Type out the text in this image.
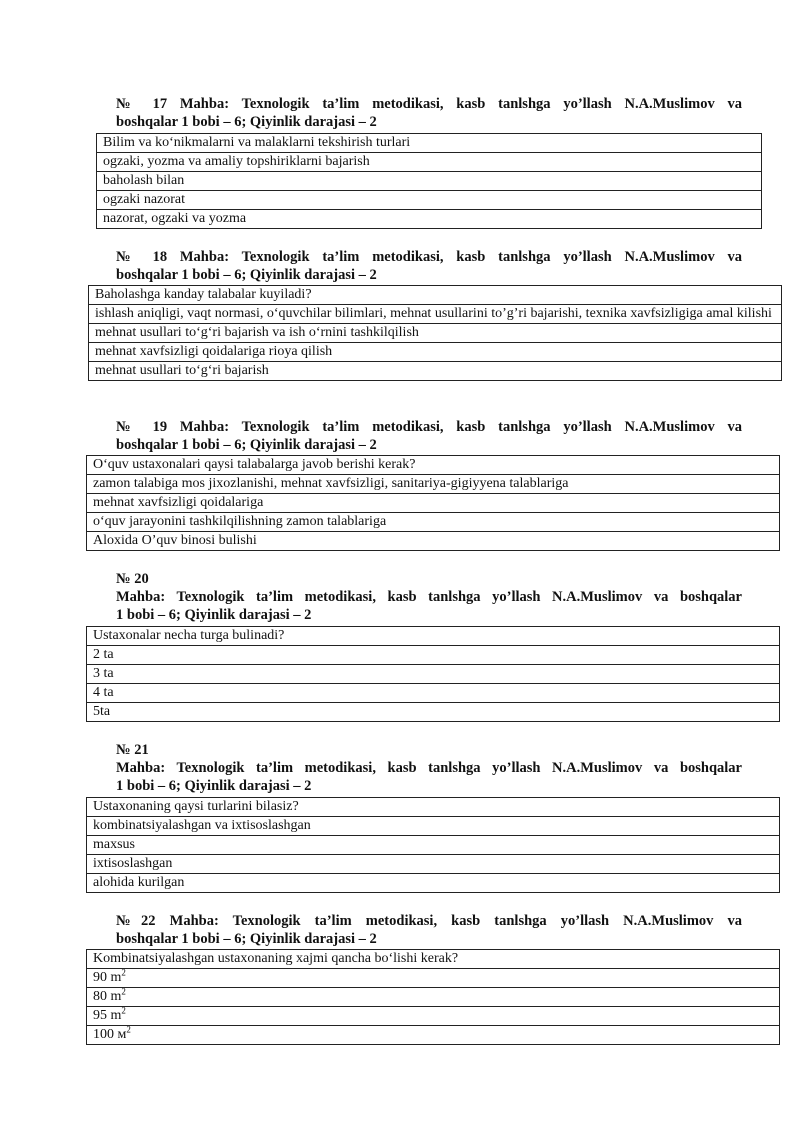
№ 17 Mahba: Texnologik ta’lim metodikasi, kasb tanlshga yo’llash N.A.Muslimov va
boshqalar 1 bobi – 6; Qiyinlik darajasi – 2
Bilim va ko‘nikmalarni va malaklarni tekshirish turlari
ogzaki, yozma va amaliy topshiriklarni bajarish
baholash bilan
ogzaki nazorat
nazorat, ogzaki va yozma
№ 18 Mahba: Texnologik ta’lim metodikasi, kasb tanlshga yo’llash N.A.Muslimov va
boshqalar 1 bobi – 6; Qiyinlik darajasi – 2
Baholashga kanday talabalar kuyiladi?
ishlash aniqligi, vaqt normasi, o‘quvchilar bilimlari, mehnat usullarini to’g’ri bajarishi, texnika xavfsizligiga amal kilishi
mehnat usullari to‘g‘ri bajarish va ish o‘rnini tashkilqilish
mehnat xavfsizligi qoidalariga rioya qilish
mehnat usullari to‘g‘ri bajarish
№ 19 Mahba: Texnologik ta’lim metodikasi, kasb tanlshga yo’llash N.A.Muslimov va
boshqalar 1 bobi – 6; Qiyinlik darajasi – 2
O‘quv ustaxonalari qaysi talabalarga javob berishi kerak?
zamon talabiga mos jixozlanishi, mehnat xavfsizligi, sanitariya-gigiyyena talablariga
mehnat xavfsizligi qoidalariga
o‘quv jarayonini tashkilqilishning zamon talablariga
Aloxida O’quv binosi bulishi
№ 20
Mahba: Texnologik ta’lim metodikasi, kasb tanlshga yo’llash N.A.Muslimov va boshqalar
1 bobi – 6; Qiyinlik darajasi – 2
Ustaxonalar necha turga bulinadi?
2 ta
3 ta
4 ta
5ta
№ 21
Mahba: Texnologik ta’lim metodikasi, kasb tanlshga yo’llash N.A.Muslimov va boshqalar
1 bobi – 6; Qiyinlik darajasi – 2
Ustaxonaning qaysi turlarini bilasiz?
kombinatsiyalashgan va ixtisoslashgan
maxsus
ixtisoslashgan
alohida kurilgan
№22 Mahba: Texnologik ta’lim metodikasi, kasb tanlshga yo’llash N.A.Muslimov va
boshqalar 1 bobi – 6; Qiyinlik darajasi – 2
Kombinatsiyalashgan ustaxonaning xajmi qancha bo‘lishi kerak?
90 $m^2$
80 $m^2$
95 $m^2$
100 $м^2$
